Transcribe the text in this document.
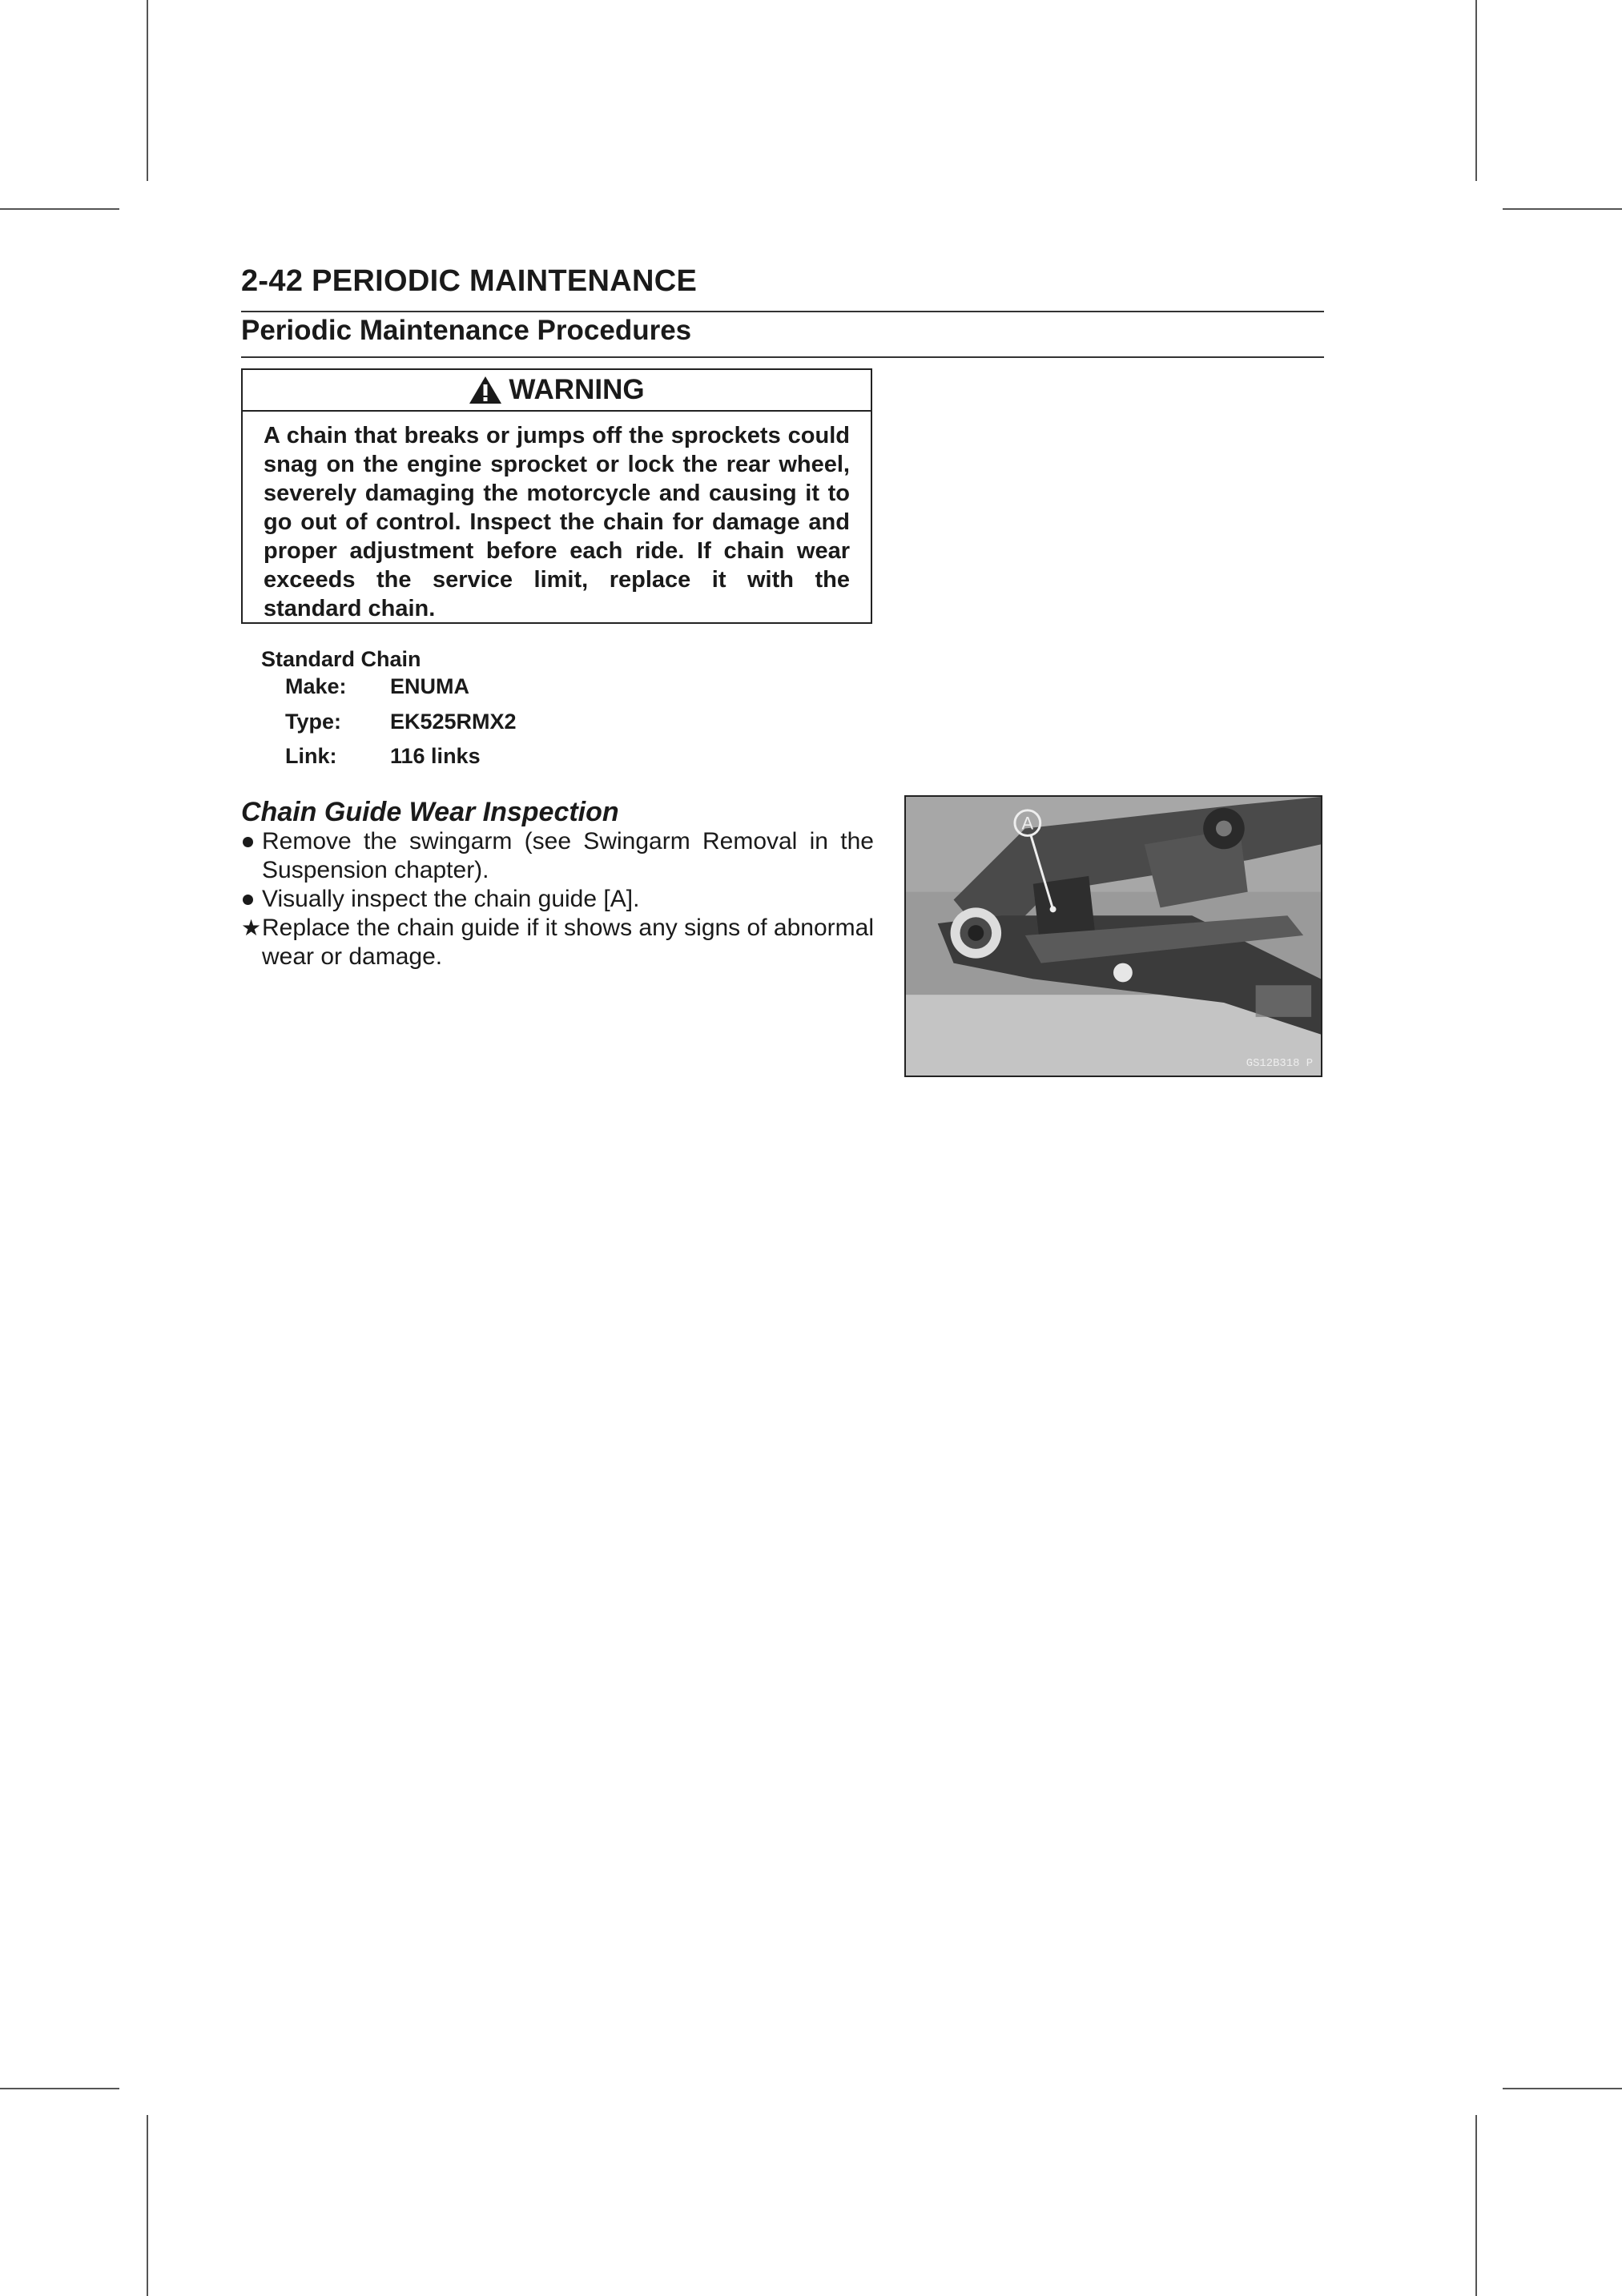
2-42 PERIODIC MAINTENANCE
Periodic Maintenance Procedures
WARNING
A chain that breaks or jumps off the sprockets could snag on the engine sprocket or lock the rear wheel, severely damaging the motorcycle and causing it to go out of control. Inspect the chain for damage and proper adjustment before each ride. If chain wear exceeds the service limit, replace it with the standard chain.
Standard Chain
Make: ENUMA
Type: EK525RMX2
Link: 116 links
Chain Guide Wear Inspection
Remove the swingarm (see Swingarm Removal in the Suspension chapter).
Visually inspect the chain guide [A].
★ Replace the chain guide if it shows any signs of abnormal wear or damage.
A
GS12B318 P
